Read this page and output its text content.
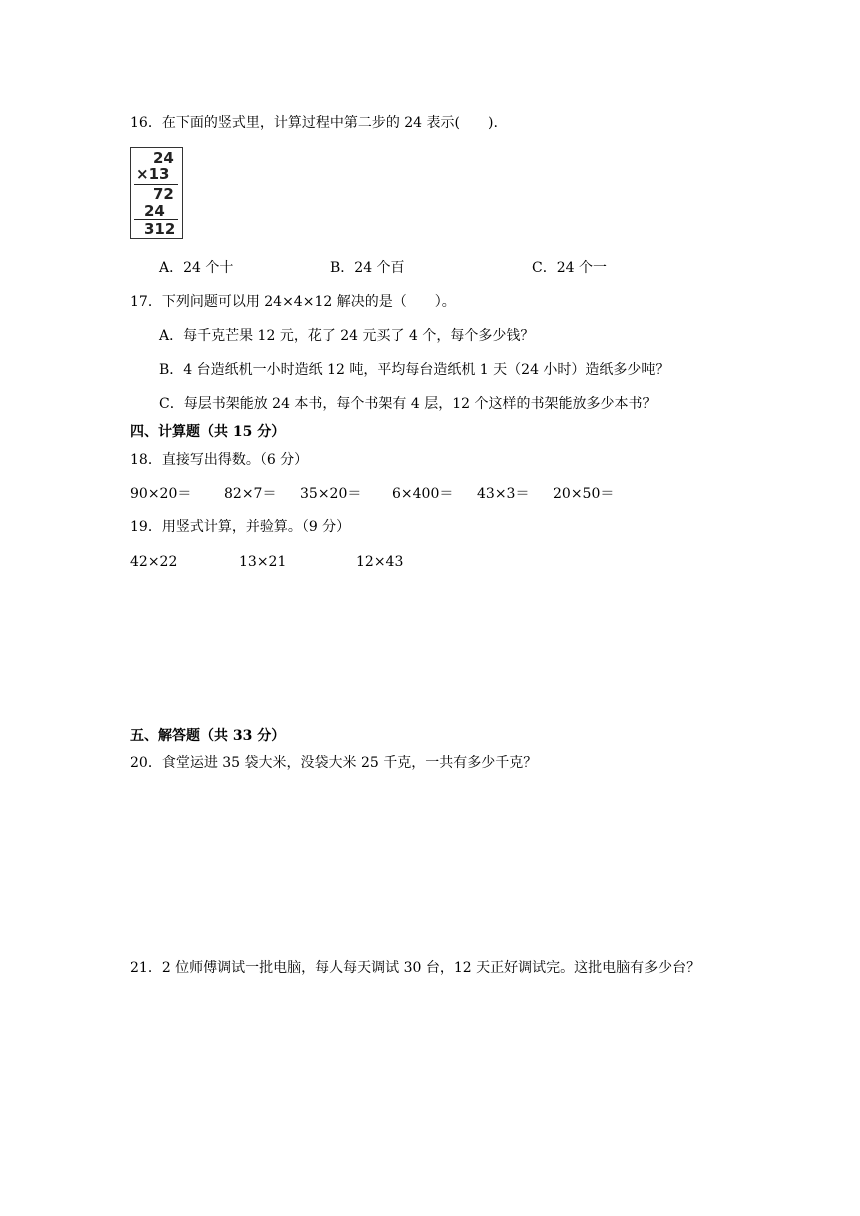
16．在下面的竖式里，计算过程中第二步的 24 表示(　　).
24
×13
72
24
312
A．24 个十	B．24 个百	C．24 个一
17．下列问题可以用 24×4×12 解决的是（　　）。
A．每千克芒果 12 元，花了 24 元买了 4 个，每个多少钱？
B．4 台造纸机一小时造纸 12 吨，平均每台造纸机 1 天（24 小时）造纸多少吨？
C．每层书架能放 24 本书，每个书架有 4 层，12 个这样的书架能放多少本书？
四、计算题（共 15 分）
18．直接写出得数。（6 分）
90×20＝ 82×7＝ 35×20＝ 6×400＝ 43×3＝ 20×50＝
19．用竖式计算，并验算。（9 分）
42×22	13×21	12×43
五、解答题（共 33 分）
20．食堂运进 35 袋大米，没袋大米 25 千克，一共有多少千克？
21．2 位师傅调试一批电脑，每人每天调试 30 台，12 天正好调试完。这批电脑有多少台？
